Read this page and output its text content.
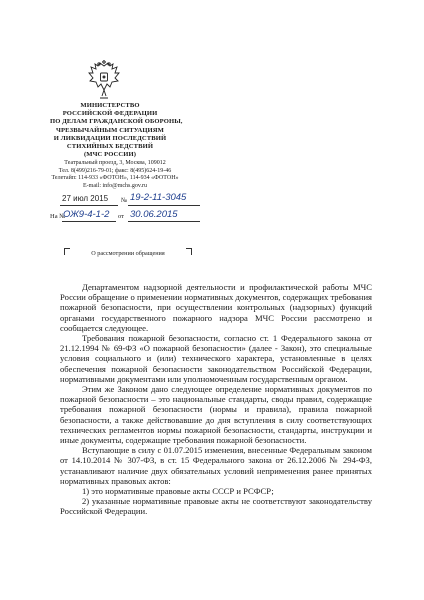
МИНИСТЕРСТВО
РОССИЙСКОЙ ФЕДЕРАЦИИ
ПО ДЕЛАМ ГРАЖДАНСКОЙ ОБОРОНЫ,
ЧРЕЗВЫЧАЙНЫМ СИТУАЦИЯМ
И ЛИКВИДАЦИИ ПОСЛЕДСТВИЙ
СТИХИЙНЫХ БЕДСТВИЙ
(МЧС РОССИИ)
Театральный проезд, 3, Москва, 109012
Тел. 8(499)216-79-01; факс: 8(495)624-19-46
Телетайп: 114-933 «ФОТОН», 114-934 «ФОТОН»
E-mail: info@mchs.gov.ru
27 июл 2015 № 19-2-11-3045
На №
ОЖ9-4-1-2 от 30.06.2015
О рассмотрении обращения

Департаментом надзорной деятельности и профилактической работы МЧС России обращение о применении нормативных документов, содержащих требования пожарной безопасности, при осуществлении контрольных (надзорных) функций органами государственного пожарного надзора МЧС России рассмотрено и сообщается следующее.

Требования пожарной безопасности, согласно ст. 1 Федерального закона от 21.12.1994 № 69-ФЗ «О пожарной безопасности» (далее - Закон), это специальные условия социального и (или) технического характера, установленные в целях обеспечения пожарной безопасности законодательством Российской Федерации, нормативными документами или уполномоченным государственным органом.

Этим же Законом дано следующее определение нормативных документов по пожарной безопасности – это национальные стандарты, своды правил, содержащие требования пожарной безопасности (нормы и правила), правила пожарной безопасности, а также действовавшие до дня вступления в силу соответствующих технических регламентов нормы пожарной безопасности, стандарты, инструкции и иные документы, содержащие требования пожарной безопасности.

Вступающие в силу с 01.07.2015 изменения, внесенные Федеральным законом от 14.10.2014 № 307-ФЗ, в ст. 15 Федерального закона от 26.12.2006 № 294-ФЗ, устанавливают наличие двух обязательных условий неприменения ранее принятых нормативных правовых актов:

1) это нормативные правовые акты СССР и РСФСР;

2) указанные нормативные правовые акты не соответствуют законодательству Российской Федерации.
